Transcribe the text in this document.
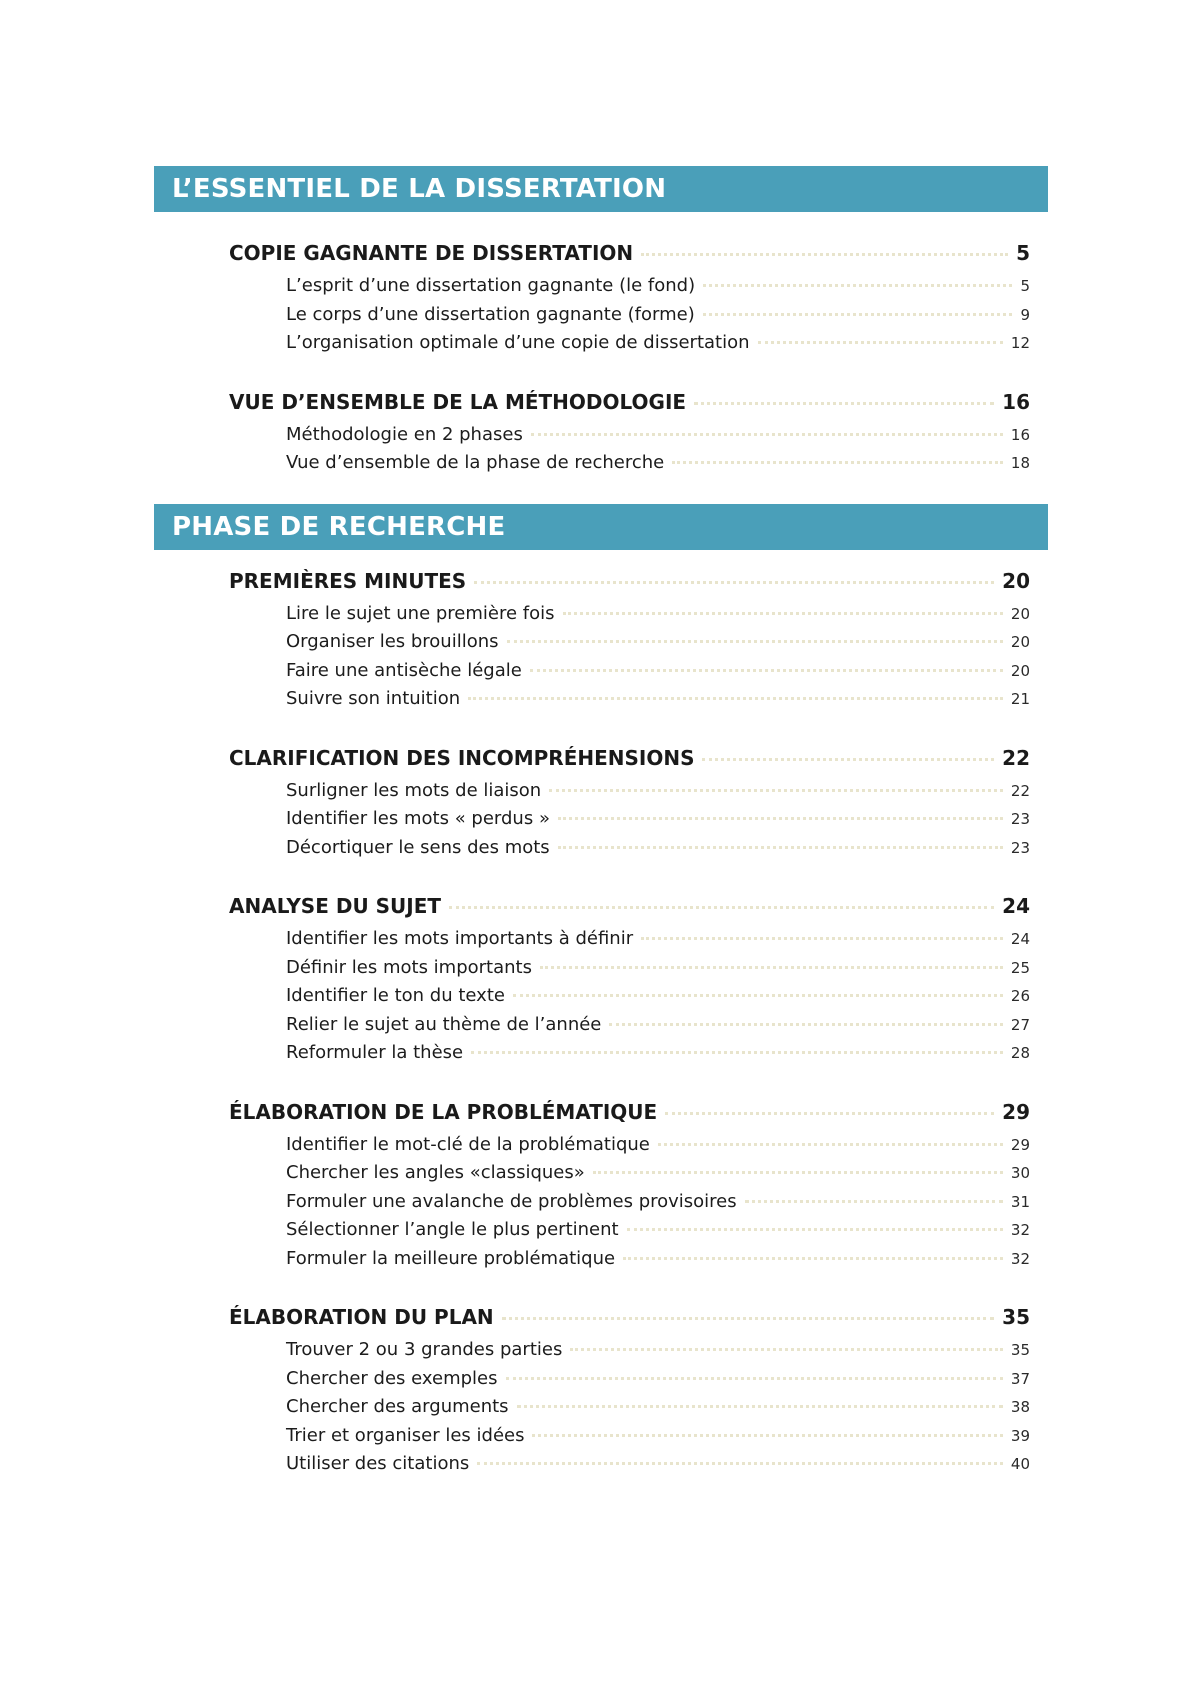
L’ESSENTIEL DE LA DISSERTATION
COPIE GAGNANTE DE DISSERTATION	5
L’esprit d’une dissertation gagnante (le fond)	5
Le corps d’une dissertation gagnante (forme)	9
L’organisation optimale d’une copie de dissertation	12
VUE D’ENSEMBLE DE LA MÉTHODOLOGIE	16
Méthodologie en 2 phases	16
Vue d’ensemble de la phase de recherche	18
PHASE DE RECHERCHE
PREMIÈRES MINUTES	20
Lire le sujet une première fois	20
Organiser les brouillons	20
Faire une antisèche légale	20
Suivre son intuition	21
CLARIFICATION DES INCOMPRÉHENSIONS	22
Surligner les mots de liaison	22
Identifier les mots « perdus »	23
Décortiquer le sens des mots	23
ANALYSE DU SUJET	24
Identifier les mots importants à définir	24
Définir les mots importants	25
Identifier le ton du texte	26
Relier le sujet au thème de l’année	27
Reformuler la thèse	28
ÉLABORATION DE LA PROBLÉMATIQUE	29
Identifier le mot-clé de la problématique	29
Chercher les angles «classiques»	30
Formuler une avalanche de problèmes provisoires	31
Sélectionner l’angle le plus pertinent	32
Formuler la meilleure problématique	32
ÉLABORATION DU PLAN	35
Trouver 2 ou 3 grandes parties	35
Chercher des exemples	37
Chercher des arguments	38
Trier et organiser les idées	39
Utiliser des citations	40
